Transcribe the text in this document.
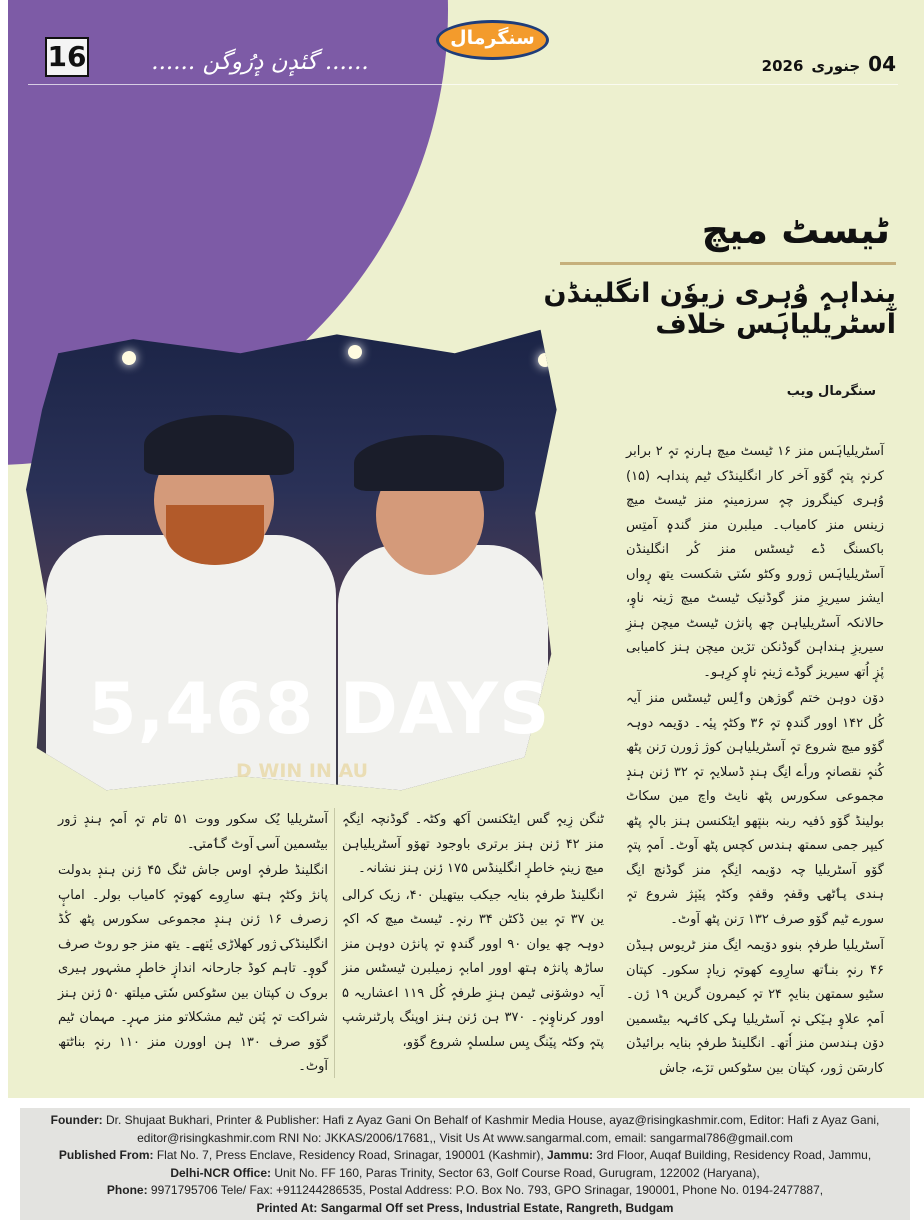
16	...... گئدٕن دٕرُوگن ......
سنگرمال
2026 جنوری 04
ٹیسٹ میچ
پنداہہٕ وُہری زیوٗن انگلینڈن آسٹریلیاہَس خلاف
5,468 DAYS
D WIN IN AU
سنگرمال ویب

آسٹریلیاہَس منز ۱۶ ٹیسٹ میچ ہارنہٕ تہٕ ۲ برابر کرنہٕ پتہٕ گوٚو آخر کار انگلینڈک ٹیم پنداہہ (۱۵) وُہری کینگروز چہٕ سرزمینہٕ منز ٹیسٹ میچ زینس منز کامیاب۔ میلبرن منز گندہٕ آمتِس باکسنگ ڈے ٹیسٹس منز کٔر انگلینڈن آسٹریلیاہَس ژورو وکٹو سٗتۍ شکست یتھ رٕواں ایشز سیریزِ منز گوڈنیک ٹیسٹ میچ ژینہ ناوٕ، حالانکہ آسٹریلیاہن چھ پانژن ٹیسٹ میچن ہنزِ سیریزِ ہنداہن گوڈنکن ترٚین میچن ہنز کامیابی پٔزٕ اُتھ سیریز گوڈے ژینہٕ ناوٕ کرِہو۔

دوٚن دوہن ختم گوژھن وٲلِس ٹیسٹس منز آیہ کُل ۱۴۲ اوور گندہٕ تہٕ ۳۶ وکٹہٕ پیٔہ۔ دوٚیمہ دوہہ گوٚو میچ شروع تہٕ آسٹریلیاہن کوژ ژورن رَنن پٹھ کُنہٕ نقصانہٕ ورأے انِگ ہندٕ ڈسلایہٕ تہٕ ۳۲ رٔنن ہندٕ مجموعی سکورس پٹھ نایٹ واچ مین سکاٹ بولینڈ گوٚو دٔفیہ ربنہ بنتٕھو ایٹکنسن ہنز بالہٕ پٹھ کیپر جمی سمتھ ہندس کچس پٹھ آوٹ۔ اَمہٕ پتہٕ گوٚو آسٹریلیا چہ دوٚیمہ انِگہٕ منز گوڈنچ انِگ ہندی پٲٹھۍ وقفہٕ وقفہٕ وکٹہٕ پیٚنٕژ شروع تہٕ سورے ٹیم گوٚو صرف ۱۳۲ رَنن پٹھ آوٹ۔

آسٹریلیا طرفہٕ بنوو دوٚیمہ انِگ منز ٹریوس ہیڈن ۴۶ رنہٕ بنٲتھ سارِوے کھوتہٕ زیادٕ سکور۔ کپتان سٹیو سمتھن بنایہٕ ۲۴ تہٕ کیمرون گرین ۱۹ رٔن۔ اَمہٕ علاوٕ ہیٚکۍ نہٕ آسٹریلیا ہٕکۍ کانٛہہ بیٹسمین دوٚن ہندسن منز اٗتھ۔ انگلینڈ طرفہٕ بنایہ برائیڈن کارسَن ژور، کپتان بین سٹوکس ترٚے، جاش

ٹنگن زِیہٕ گس ایٹکنسن اَکھ وکٹہ۔ گوڈنچہ انِگہٕ منز ۴۲ رٔنن ہنز برتری باوجود تھوٚو آسٹریلیاہن میچ زینہٕ خاطرٕ انگلینڈس ۱۷۵ رٔنن ہنز نشانہ۔

انگلینڈ طرفہٕ بنایہ جیکب بیتھیلن ۴۰، زیک کرالی ین ۳۷ تہٕ بین ڈکٹن ۳۴ رنہٕ۔ ٹیسٹ میچ کہ اکہٕ دوہہ چھ یوان ۹۰ اوور گندہٕ تہٕ پانژن دوہن منز ساڑھ پانژہ ہتھ اوور امابہٕ زمیلبرن ٹیسٹس منز آیہ دوشوٚنی ٹیمن ہنزِ طرفہٕ کُل ۱۱۹ اعشاریہ ۵ اوور کرناوٕنہٕ۔ ۳۷۰ ہن رٔنن ہنز اوپنگ پارٹنرشپ پتہٕ وکٹہ پیٚنگ یِس سلسلہٕ شروع گوٚو،

آسٹریلیا یُک سکور ووت ۵۱ تام تہٕ اَمہٕ ہندٕ ژور بیٹسمین آسۍ آوٹ گٲمتۍ۔

انگلینڈ طرفہٕ اوس جاش ٹنگ ۴۵ رٔنن ہندٕ بدولت پانژ وکٹہٕ ہتھ سارِوے کھوتہٕ کامیاب بولر۔ اماپٕ زصرف ۱۶ رٔنن ہندٕ مجموعی سکورس پٹھ کٔڈ انگلینڈکۍ ژور کھلاڑی یٔتھے۔ یتھ منز جو روٹ صرف گووٕ۔ تاہم کوڈ جارحانہ اندازٕ خاطرٕ مشہور ہیری بروک ن کپتان بین سٹوکس سٗتۍ میلتھ ۵۰ رٔنن ہنز شراکت تہٕ پٔتن ٹیم مشکلاتو منز مہرٕ۔ مہمان ٹیم گوٚو صرف ۱۳۰ ہن اوورن منز ۱۱۰ رنہٕ بناٹتھ آوٹ۔

Founder: Dr. Shujaat Bukhari, Printer & Publisher: Hafi z Ayaz Gani On Behalf of Kashmir Media House, ayaz@risingkashmir.com, Editor: Hafi z Ayaz Gani,
editor@risingkashmir.com RNI No: JKKAS/2006/17681,, Visit Us At www.sangarmal.com, email: sangarmal786@gmail.com
Published From: Flat No. 7, Press Enclave, Residency Road, Srinagar, 190001 (Kashmir), Jammu: 3rd Floor, Auqaf Building, Residency Road, Jammu,
Delhi-NCR Office: Unit No. FF 160, Paras Trinity, Sector 63, Golf Course Road, Gurugram, 122002 (Haryana),
Phone: 9971795706 Tele/ Fax: +911244286535, Postal Address: P.O. Box No. 793, GPO Srinagar, 190001, Phone No. 0194-2477887,
Printed At: Sangarmal Off set Press, Industrial Estate, Rangreth, Budgam
